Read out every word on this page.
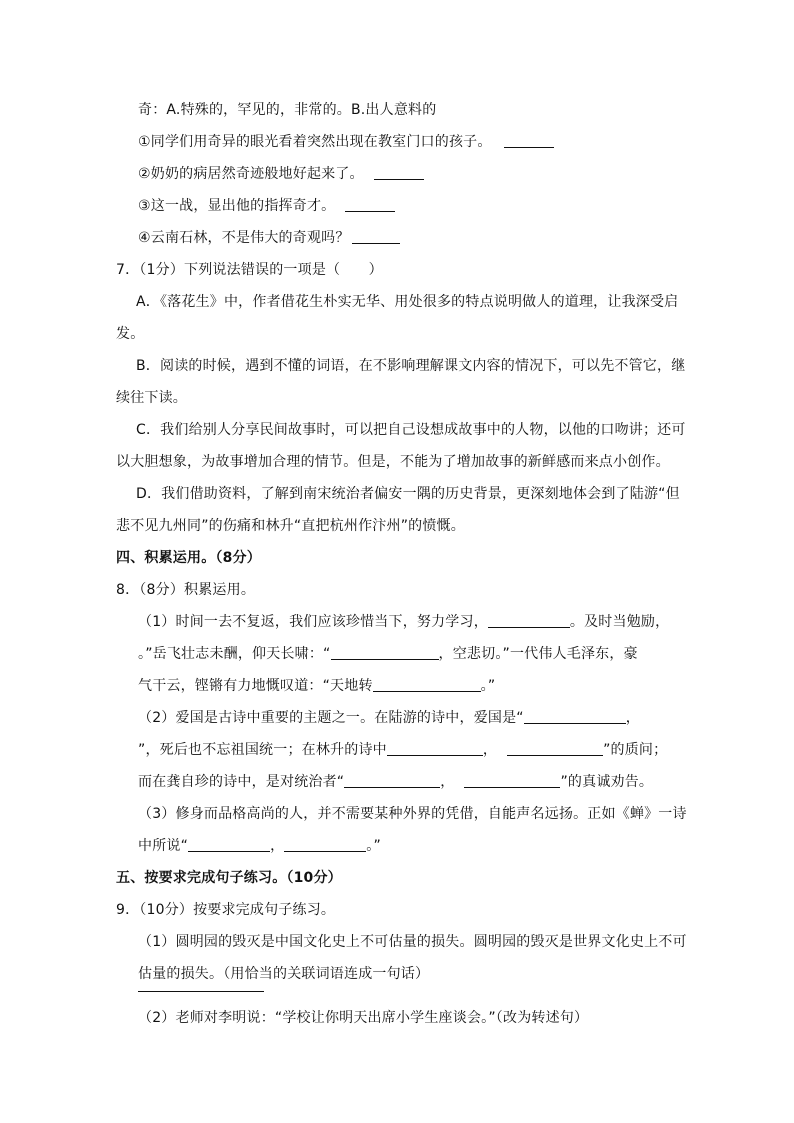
奇：A.特殊的，罕见的，非常的。B.出人意料的
①同学们用奇异的眼光看着突然出现在教室门口的孩子。
②奶奶的病居然奇迹般地好起来了。
③这一战，显出他的指挥奇才。
④云南石林，不是伟大的奇观吗？
7．（1分）下列说法错误的一项是（　　）
A．《落花生》中，作者借花生朴实无华、用处很多的特点说明做人的道理，让我深受启
发。
B．阅读的时候，遇到不懂的词语，在不影响理解课文内容的情况下，可以先不管它，继
续往下读。
C．我们给别人分享民间故事时，可以把自己设想成故事中的人物，以他的口吻讲；还可
以大胆想象，为故事增加合理的情节。但是，不能为了增加故事的新鲜感而来点小创作。
D．我们借助资料，了解到南宋统治者偏安一隅的历史背景，更深刻地体会到了陆游“但
悲不见九州同”的伤痛和林升“直把杭州作汴州”的愤慨。
四、积累运用。（8分）
8．（8分）积累运用。
（1）时间一去不复返，我们应该珍惜当下，努力学习，	。及时当勉励，
。”岳飞壮志未酬，仰天长啸：“	，空悲切。”一代伟人毛泽东，豪
气干云，铿锵有力地慨叹道：“天地转	。”
（2）爱国是古诗中重要的主题之一。在陆游的诗中，爱国是“	，
”，死后也不忘祖国统一；在林升的诗中	，	”的质问；
而在龚自珍的诗中，是对统治者“	，	”的真诚劝告。
（3）修身而品格高尚的人，并不需要某种外界的凭借，自能声名远扬。正如《蝉》一诗
中所说“	，	。”
五、按要求完成句子练习。（10分）
9．（10分）按要求完成句子练习。
（1）圆明园的毁灭是中国文化史上不可估量的损失。圆明园的毁灭是世界文化史上不可
估量的损失。（用恰当的关联词语连成一句话）
（2）老师对李明说：“学校让你明天出席小学生座谈会。”（改为转述句）
